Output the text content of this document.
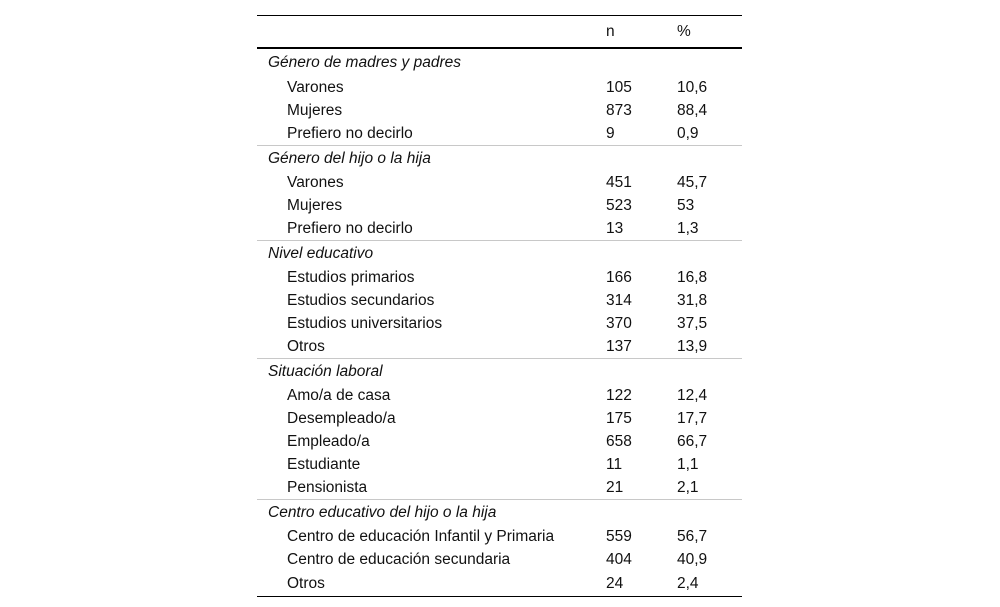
	n	%
Género de madres y padres		
Varones	105	10,6
Mujeres	873	88,4
Prefiero no decirlo	9	0,9
Género del hijo o la hija		
Varones	451	45,7
Mujeres	523	53
Prefiero no decirlo	13	1,3
Nivel educativo		
Estudios primarios	166	16,8
Estudios secundarios	314	31,8
Estudios universitarios	370	37,5
Otros	137	13,9
Situación laboral		
Amo/a de casa	122	12,4
Desempleado/a	175	17,7
Empleado/a	658	66,7
Estudiante	11	1,1
Pensionista	21	2,1
Centro educativo del hijo o la hija		
Centro de educación Infantil y Primaria	559	56,7
Centro de educación secundaria	404	40,9
Otros	24	2,4
